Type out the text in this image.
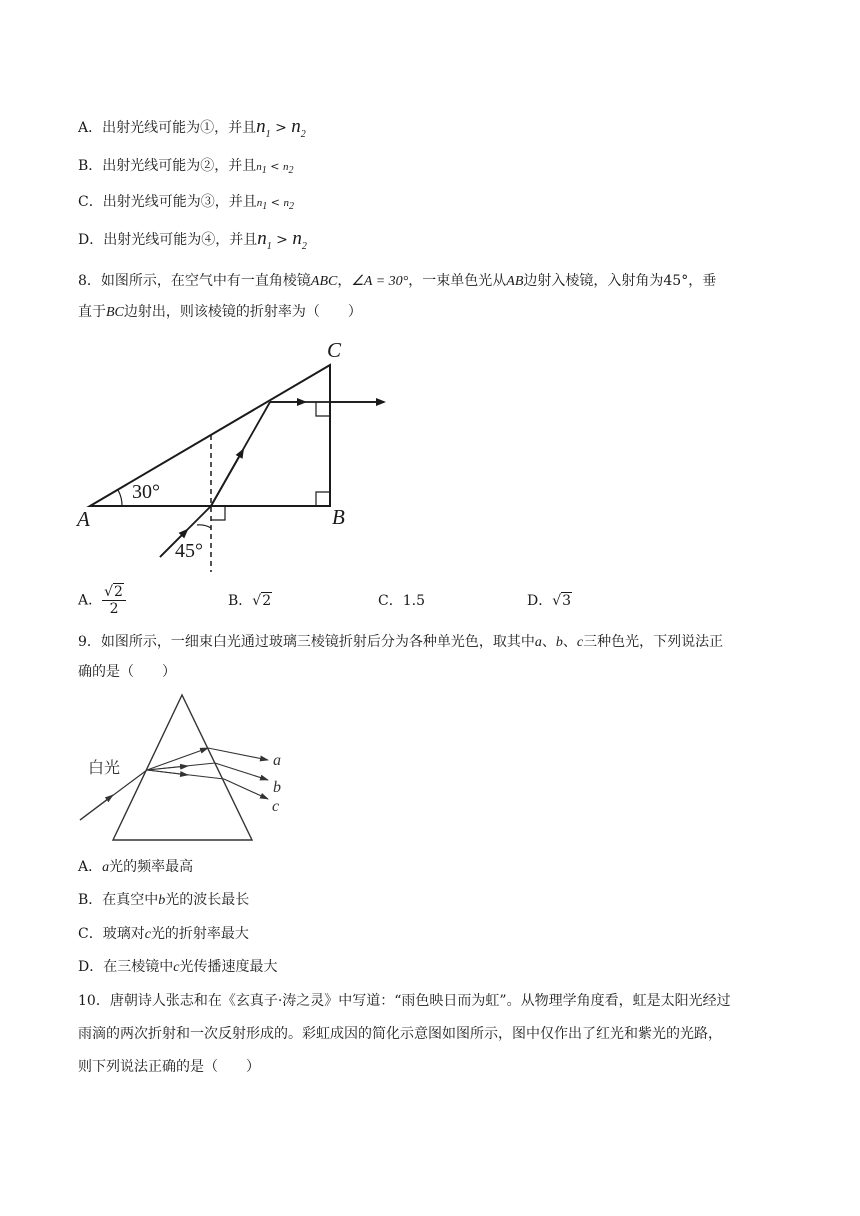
A．出射光线可能为①，并且$n_1 > n_2$
B．出射光线可能为②，并且$n_1 < n_2$
C．出射光线可能为③，并且$n_1 < n_2$
D．出射光线可能为④，并且$n_1 > n_2$
8．如图所示，在空气中有一直角棱镜ABC，∠A = 30°，一束单色光从AB边射入棱镜，入射角为45°，垂
直于BC边射出，则该棱镜的折射率为（　　）
C
A	B
30°
45°
A． $\frac{√2}{2}$	B．√2	C．1.5	D．√3
9．如图所示，一细束白光通过玻璃三棱镜折射后分为各种单光色，取其中a、b、c三种色光，下列说法正
确的是（　　）
白光	a
b
c
A．a光的频率最高
B．在真空中b光的波长最长
C．玻璃对c光的折射率最大
D．在三棱镜中c光传播速度最大
10．唐朝诗人张志和在《玄真子·涛之灵》中写道：“雨色映日而为虹”。从物理学角度看，虹是太阳光经过
雨滴的两次折射和一次反射形成的。彩虹成因的简化示意图如图所示，图中仅作出了红光和紫光的光路，
则下列说法正确的是（　　）
